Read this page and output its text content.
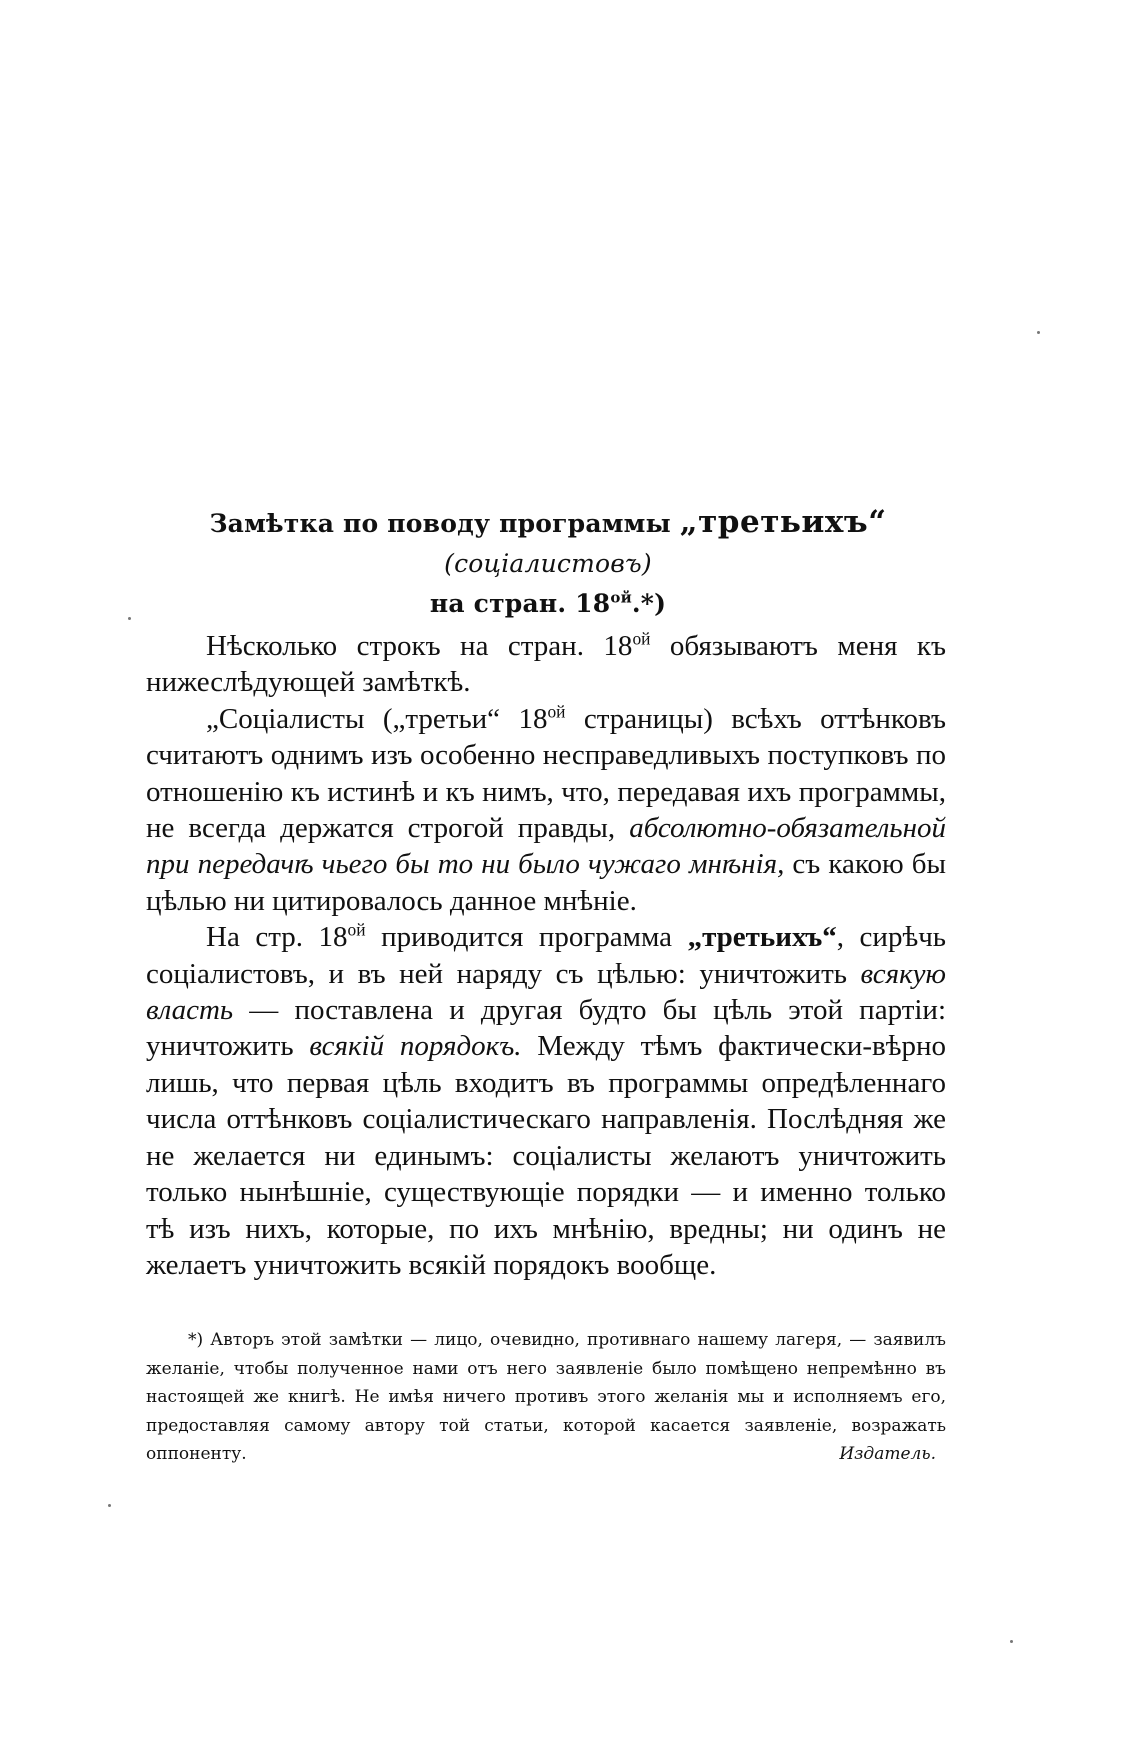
Замѣтка по поводу программы „третьихъ“ (соціалистовъ)
на стран. $18^{ой}.*$)

Нѣсколько строкъ на стран. $18^{ой}$ обязываютъ меня къ нижеслѣдующей замѣткѣ.

„Соціалисты („третьи“ $18^{ой}$ страницы) всѣхъ оттѣнковъ считаютъ однимъ изъ особенно несправедливыхъ поступковъ по отношенію къ истинѣ и къ нимъ, что, передавая ихъ программы, не всегда держатся строгой правды, абсолютно-обязательной при передачѣ чьего бы то ни было чужаго мнѣнія, съ какою бы цѣлью ни цитировалось данное мнѣніе.

На стр. $18^{ой}$ приводится программа „третьихъ“, сирѣчь соціалистовъ, и въ ней наряду съ цѣлью: уничтожить всякую власть — поставлена и другая будто бы цѣль этой партіи: уничтожить всякій порядокъ. Между тѣмъ фактически-вѣрно лишь, что первая цѣль входитъ въ программы опредѣленнаго числа оттѣнковъ соціалистическаго направленія. Послѣдняя же не желается ни единымъ: соціалисты желаютъ уничтожить только нынѣшніе, существующіе порядки — и именно только тѣ изъ нихъ, которые, по ихъ мнѣнію, вредны; ни одинъ не желаетъ уничтожить всякій порядокъ вообще.

*) Авторъ этой замѣтки — лицо, очевидно, противнаго нашему лагеря, — заявилъ желаніе, чтобы полученное нами отъ него заявленіе было помѣщено непремѣнно въ настоящей же книгѣ. Не имѣя ничего противъ этого желанія мы и исполняемъ его, предоставляя самому автору той статьи, которой касается заявленіе, возражать оппоненту.	Издатель.
